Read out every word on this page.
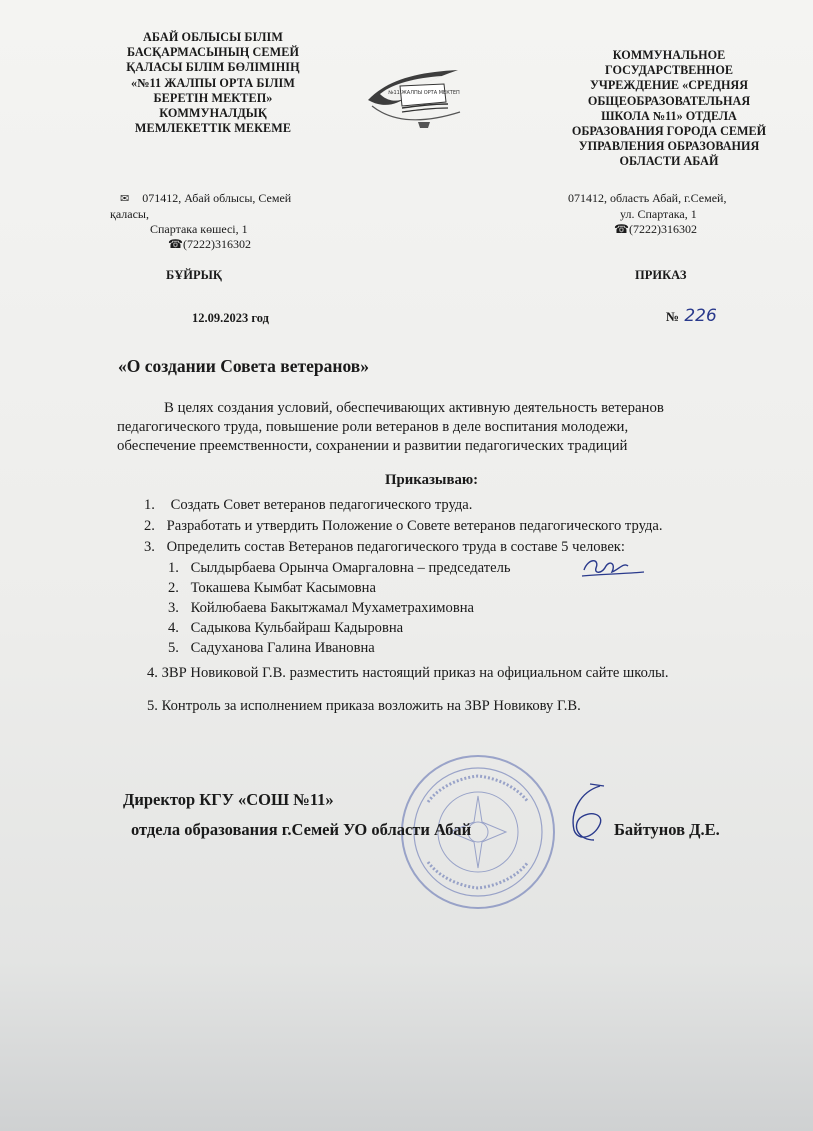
АБАЙ ОБЛЫСЫ БІЛІМ
БАСҚАРМАСЫНЫҢ СЕМЕЙ
ҚАЛАСЫ БІЛІМ БӨЛІМІНІҢ
«№11 ЖАЛПЫ ОРТА БІЛІМ
БЕРЕТІН МЕКТЕП»
КОММУНАЛДЫҚ
МЕМЛЕКЕТТІК МЕКЕМЕ
№11 ЖАЛПЫ ОРТА МЕКТЕП
КОММУНАЛЬНОЕ
ГОСУДАРСТВЕННОЕ
УЧРЕЖДЕНИЕ «СРЕДНЯЯ
ОБЩЕОБРАЗОВАТЕЛЬНАЯ
ШКОЛА №11» ОТДЕЛА
ОБРАЗОВАНИЯ ГОРОДА СЕМЕЙ
УПРАВЛЕНИЯ ОБРАЗОВАНИЯ
ОБЛАСТИ АБАЙ
✉ 071412, Абай облысы, Семей
қаласы,
Спартака көшесі, 1
☎(7222)316302
071412, область Абай, г.Семей,
ул. Спартака, 1
☎(7222)316302
БҰЙРЫҚ	ПРИКАЗ
12.09.2023 год	№ 226
«О создании Совета ветеранов»
В целях создания условий, обеспечивающих активную деятельность ветеранов
педагогического труда, повышение роли ветеранов в деле воспитания молодежи,
обеспечение преемственности, сохранении и развитии педагогических традиций
Приказываю:
1. Создать Совет ветеранов педагогического труда.
2. Разработать и утвердить Положение о Совете ветеранов педагогического труда.
3. Определить состав Ветеранов педагогического труда в составе 5 человек:
1. Сылдырбаева Орынча Омаргаловна – председатель
2. Токашева Кымбат Касымовна
3. Койлюбаева Бакытжамал Мухаметрахимовна
4. Садыкова Кульбайраш Кадыровна
5. Садуханова Галина Ивановна
4. ЗВР Новиковой Г.В. разместить настоящий приказ на официальном сайте школы.
5. Контроль за исполнением приказа возложить на ЗВР Новикову Г.В.
Директор КГУ «СОШ №11»
отдела образования г.Семей УО области Абай	Байтунов Д.Е.
